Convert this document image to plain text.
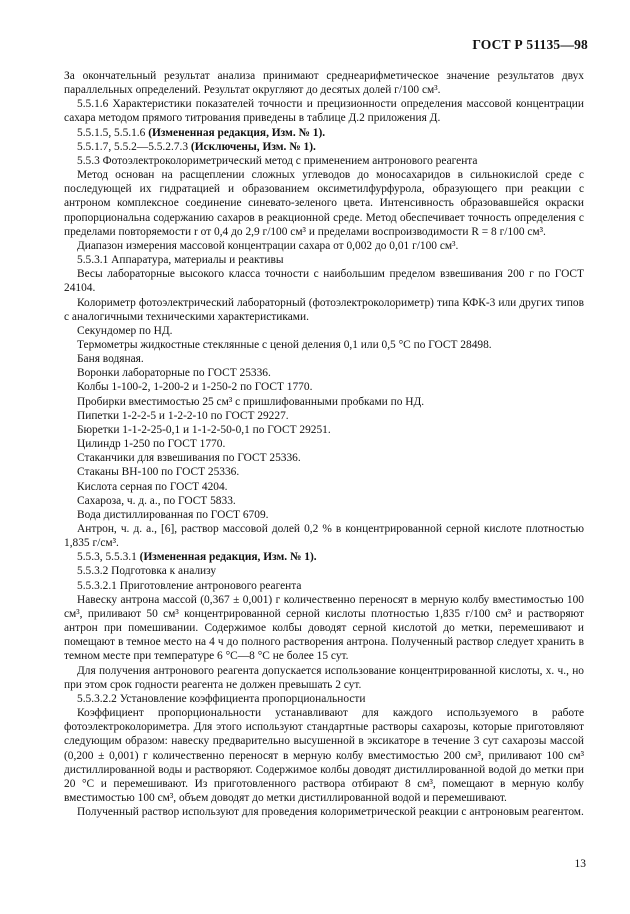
ГОСТ Р 51135—98

За окончательный результат анализа принимают среднеарифметическое значение результатов двух параллельных определений. Результат округляют до десятых долей г/100 см³.

5.5.1.6 Характеристики показателей точности и прецизионности определения массовой концентрации сахара методом прямого титрования приведены в таблице Д.2 приложения Д.

5.5.1.5, 5.5.1.6 (Измененная редакция, Изм. № 1).

5.5.1.7, 5.5.2—5.5.2.7.3 (Исключены, Изм. № 1).

5.5.3 Фотоэлектроколориметрический метод с применением антронового реагента

Метод основан на расщеплении сложных углеводов до моносахаридов в сильнокислой среде с последующей их гидратацией и образованием оксиметилфурфурола, образующего при реакции с антроном комплексное соединение синевато-зеленого цвета. Интенсивность образовавшейся окраски пропорциональна содержанию сахаров в реакционной среде. Метод обеспечивает точность определения с пределами повторяемости r от 0,4 до 2,9 г/100 см³ и пределами воспроизводимости R = 8 г/100 см³.

Диапазон измерения массовой концентрации сахара от 0,002 до 0,01 г/100 см³.

5.5.3.1 Аппаратура, материалы и реактивы

Весы лабораторные высокого класса точности с наибольшим пределом взвешивания 200 г по ГОСТ 24104.

Колориметр фотоэлектрический лабораторный (фотоэлектроколориметр) типа КФК-3 или других типов с аналогичными техническими характеристиками.

Секундомер по НД.

Термометры жидкостные стеклянные с ценой деления 0,1 или 0,5 °С по ГОСТ 28498.

Баня водяная.

Воронки лабораторные по ГОСТ 25336.

Колбы 1-100-2, 1-200-2 и 1-250-2 по ГОСТ 1770.

Пробирки вместимостью 25 см³ с пришлифованными пробками по НД.

Пипетки 1-2-2-5 и 1-2-2-10 по ГОСТ 29227.

Бюретки 1-1-2-25-0,1 и 1-1-2-50-0,1 по ГОСТ 29251.

Цилиндр 1-250 по ГОСТ 1770.

Стаканчики для взвешивания по ГОСТ 25336.

Стаканы ВН-100 по ГОСТ 25336.

Кислота серная по ГОСТ 4204.

Сахароза, ч. д. а., по ГОСТ 5833.

Вода дистиллированная по ГОСТ 6709.

Антрон, ч. д. а., [6], раствор массовой долей 0,2 % в концентрированной серной кислоте плотностью 1,835 г/см³.

5.5.3, 5.5.3.1 (Измененная редакция, Изм. № 1).

5.5.3.2 Подготовка к анализу

5.5.3.2.1 Приготовление антронового реагента

Навеску антрона массой (0,367 ± 0,001) г количественно переносят в мерную колбу вместимостью 100 см³, приливают 50 см³ концентрированной серной кислоты плотностью 1,835 г/100 см³ и растворяют антрон при помешивании. Содержимое колбы доводят серной кислотой до метки, перемешивают и помещают в темное место на 4 ч до полного растворения антрона. Полученный раствор следует хранить в темном месте при температуре 6 °С—8 °С не более 15 сут.

Для получения антронового реагента допускается использование концентрированной кислоты, х. ч., но при этом срок годности реагента не должен превышать 2 сут.

5.5.3.2.2 Установление коэффициента пропорциональности

Коэффициент пропорциональности устанавливают для каждого используемого в работе фотоэлектроколориметра. Для этого используют стандартные растворы сахарозы, которые приготовляют следующим образом: навеску предварительно высушенной в эксикаторе в течение 3 сут сахарозы массой (0,200 ± 0,001) г количественно переносят в мерную колбу вместимостью 200 см³, приливают 100 см³ дистиллированной воды и растворяют. Содержимое колбы доводят дистиллированной водой до метки при 20 °С и перемешивают. Из приготовленного раствора отбирают 8 см³, помещают в мерную колбу вместимостью 100 см³, объем доводят до метки дистиллированной водой и перемешивают.

Полученный раствор используют для проведения колориметрической реакции с антроновым реагентом.

13
